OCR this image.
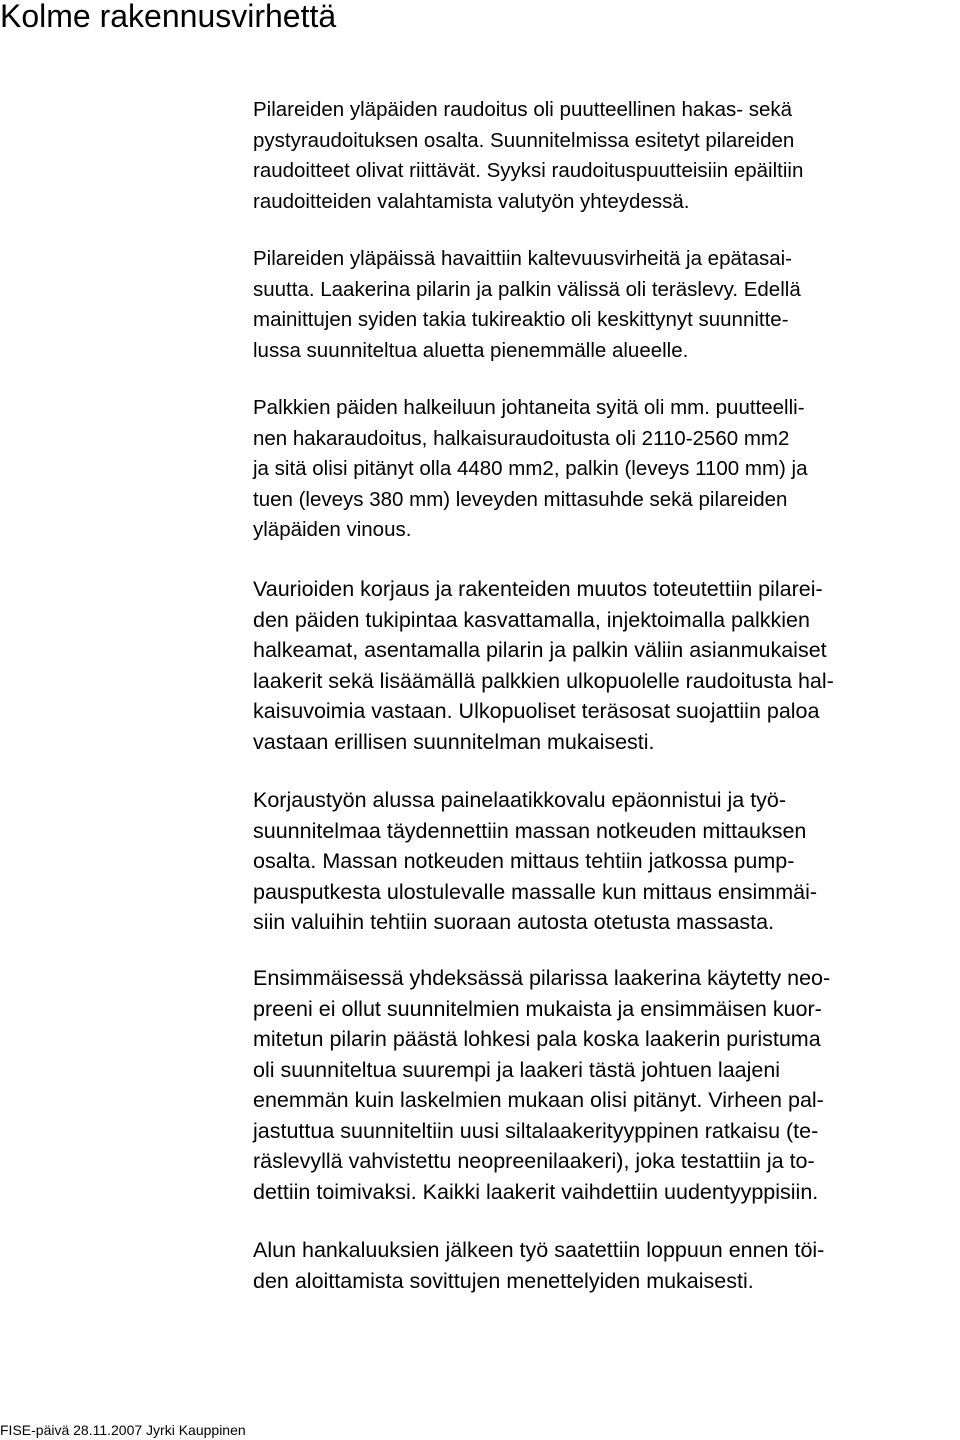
Kolme rakennusvirhettä
Pilareiden yläpäiden raudoitus oli puutteellinen hakas- sekä
pystyraudoituksen osalta. Suunnitelmissa esitetyt pilareiden
raudoitteet olivat riittävät. Syyksi raudoituspuutteisiin epäiltiin
raudoitteiden valahtamista valutyön yhteydessä.
Pilareiden yläpäissä havaittiin kaltevuusvirheitä ja epätasai-
suutta. Laakerina pilarin ja palkin välissä oli teräslevy. Edellä
mainittujen syiden takia tukireaktio oli keskittynyt suunnitte-
lussa suunniteltua aluetta pienemmälle alueelle.
Palkkien päiden halkeiluun johtaneita syitä oli mm. puutteelli-
nen hakaraudoitus, halkaisuraudoitusta oli 2110-2560 mm2
ja sitä olisi pitänyt olla 4480 mm2, palkin (leveys 1100 mm) ja
tuen (leveys 380 mm) leveyden mittasuhde sekä pilareiden
yläpäiden vinous.
Vaurioiden korjaus ja rakenteiden muutos toteutettiin pilarei-
den päiden tukipintaa kasvattamalla, injektoimalla palkkien
halkeamat, asentamalla pilarin ja palkin väliin asianmukaiset
laakerit sekä lisäämällä palkkien ulkopuolelle raudoitusta hal-
kaisuvoimia vastaan. Ulkopuoliset teräsosat suojattiin paloa
vastaan erillisen suunnitelman mukaisesti.
Korjaustyön alussa painelaatikkovalu epäonnistui ja työ-
suunnitelmaa täydennettiin massan notkeuden mittauksen
osalta. Massan notkeuden mittaus tehtiin jatkossa pump-
pausputkesta ulostulevalle massalle kun mittaus ensimmäi-
siin valuihin tehtiin suoraan autosta otetusta massasta.
Ensimmäisessä yhdeksässä pilarissa laakerina käytetty neo-
preeni ei ollut suunnitelmien mukaista ja ensimmäisen kuor-
mitetun pilarin päästä lohkesi pala koska laakerin puristuma
oli suunniteltua suurempi ja laakeri tästä johtuen laajeni
enemmän kuin laskelmien mukaan olisi pitänyt. Virheen pal-
jastuttua suunniteltiin uusi siltalaakerityyppinen ratkaisu (te-
räslevyllä vahvistettu neopreenilaakeri), joka testattiin ja to-
dettiin toimivaksi. Kaikki laakerit vaihdettiin uudentyyppisiin.
Alun hankaluuksien jälkeen työ saatettiin loppuun ennen töi-
den aloittamista sovittujen menettelyiden mukaisesti.
FISE-päivä 28.11.2007 Jyrki Kauppinen
